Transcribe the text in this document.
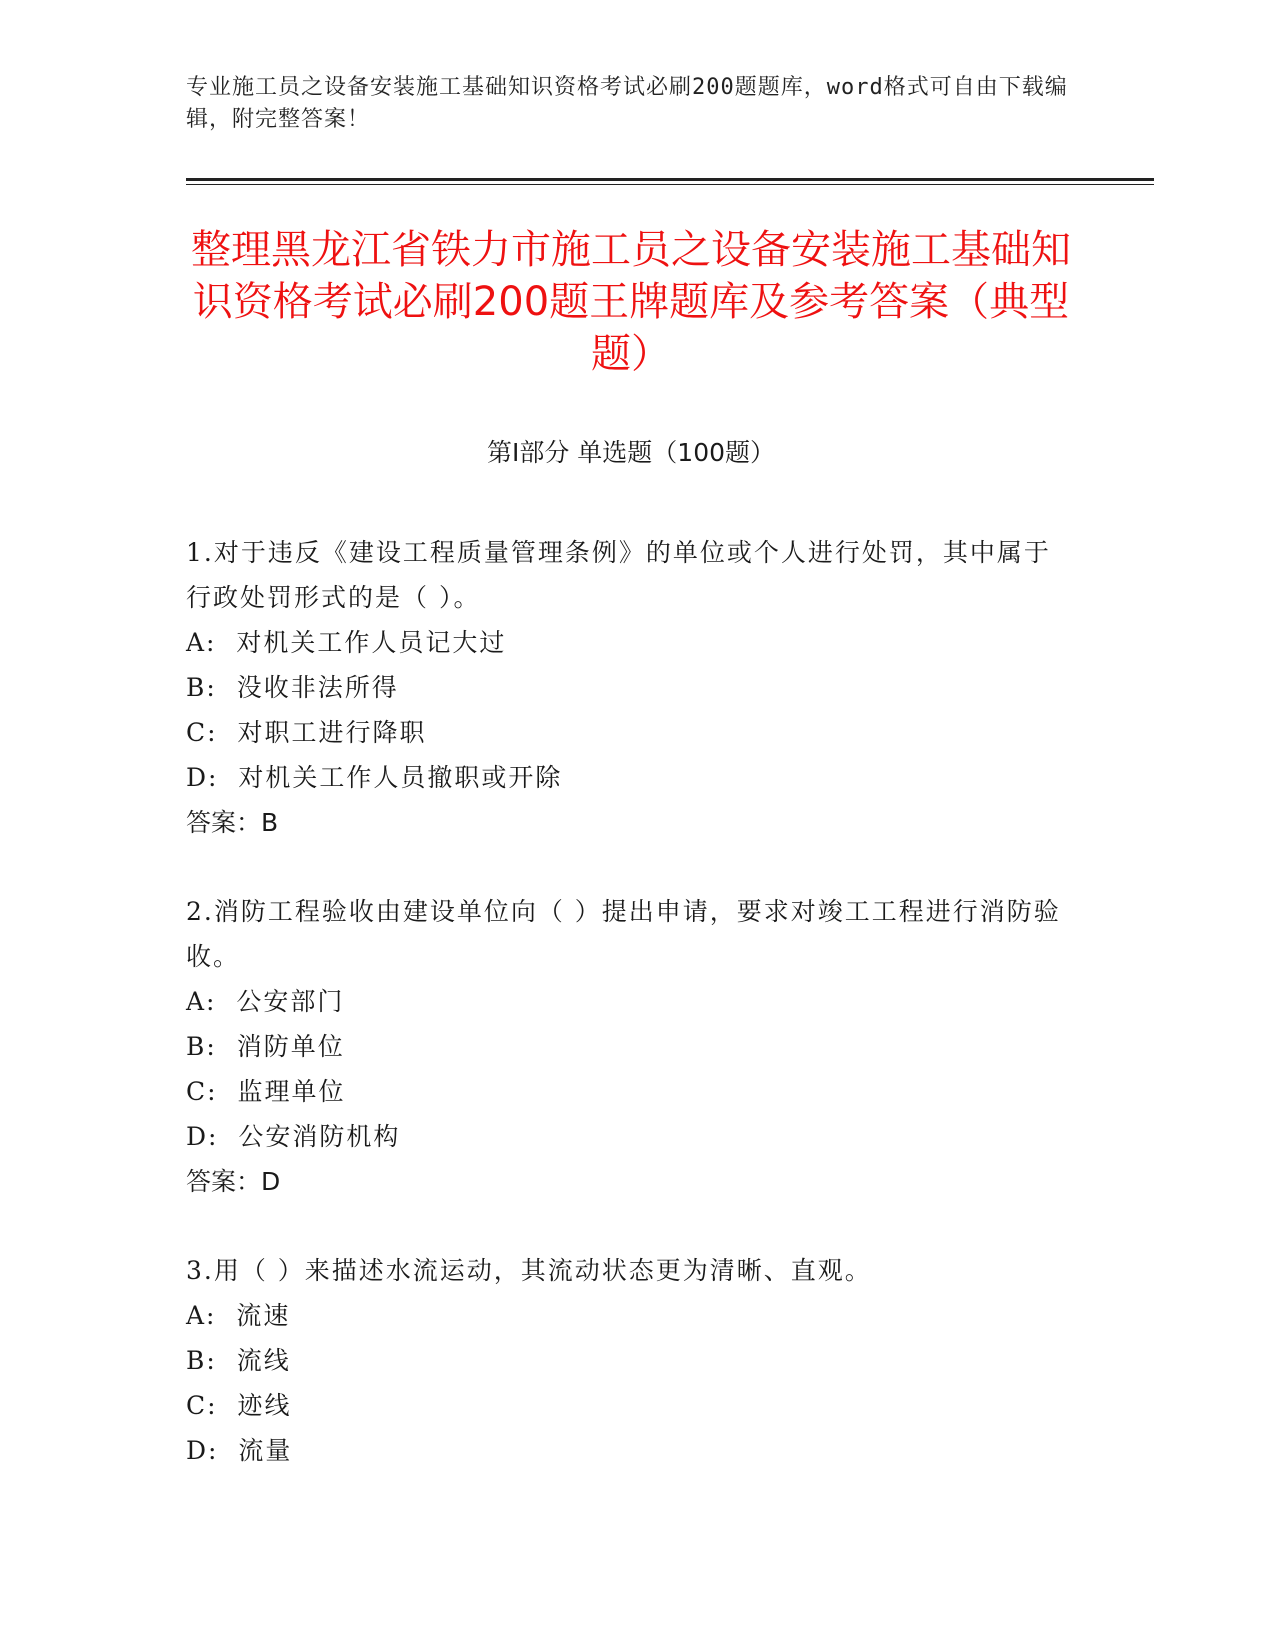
专业施工员之设备安装施工基础知识资格考试必刷200题题库，word格式可自由下载编辑，附完整答案！
整理黑龙江省铁力市施工员之设备安装施工基础知识资格考试必刷200题王牌题库及参考答案（典型题）
第Ⅰ部分 单选题（100题）
1.对于违反《建设工程质量管理条例》的单位或个人进行处罚，其中属于行政处罚形式的是（ ）。
A:  对机关工作人员记大过
B:  没收非法所得
C:  对职工进行降职
D:  对机关工作人员撤职或开除
答案：B
2.消防工程验收由建设单位向（ ）提出申请，要求对竣工工程进行消防验收。
A:  公安部门
B:  消防单位
C:  监理单位
D:  公安消防机构
答案：D
3.用（ ）来描述水流运动，其流动状态更为清晰、直观。
A:  流速
B:  流线
C:  迹线
D:  流量
